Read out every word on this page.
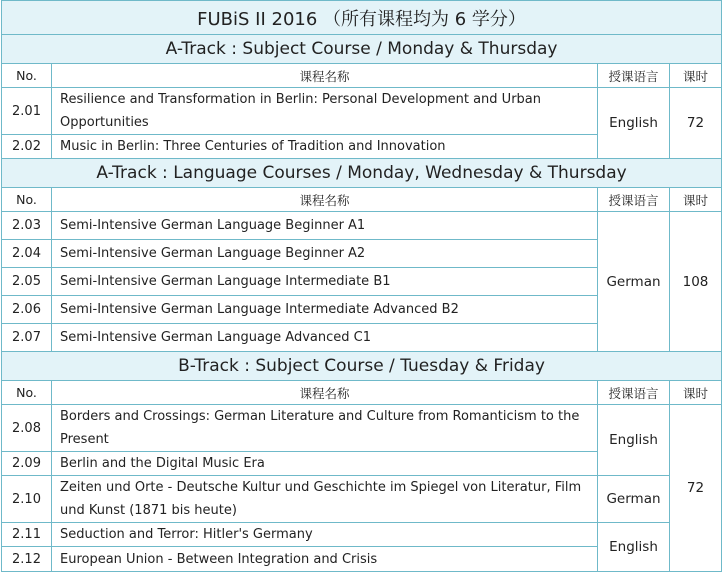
FUBiS II 2016 （所有课程均为 6 学分）			
A-Track : Subject Course / Monday & Thursday			
No.	课程名称	授课语言	课时
2.01	Resilience and Transformation in Berlin: Personal Development and Urban Opportunities	English	72
2.02	Music in Berlin: Three Centuries of Tradition and Innovation		
A-Track : Language Courses / Monday, Wednesday & Thursday			
No.	课程名称	授课语言	课时
2.03	Semi-Intensive German Language Beginner A1	German	108
2.04	Semi-Intensive German Language Beginner A2		
2.05	Semi-Intensive German Language Intermediate B1		
2.06	Semi-Intensive German Language Intermediate Advanced B2		
2.07	Semi-Intensive German Language Advanced C1		
B-Track : Subject Course / Tuesday & Friday			
No.	课程名称	授课语言	课时
2.08	Borders and Crossings: German Literature and Culture from Romanticism to the Present	English	72
2.09	Berlin and the Digital Music Era		
2.10	Zeiten und Orte - Deutsche Kultur und Geschichte im Spiegel von Literatur, Film und Kunst (1871 bis heute)	German	
2.11	Seduction and Terror: Hitler's Germany	English	
2.12	European Union - Between Integration and Crisis		
